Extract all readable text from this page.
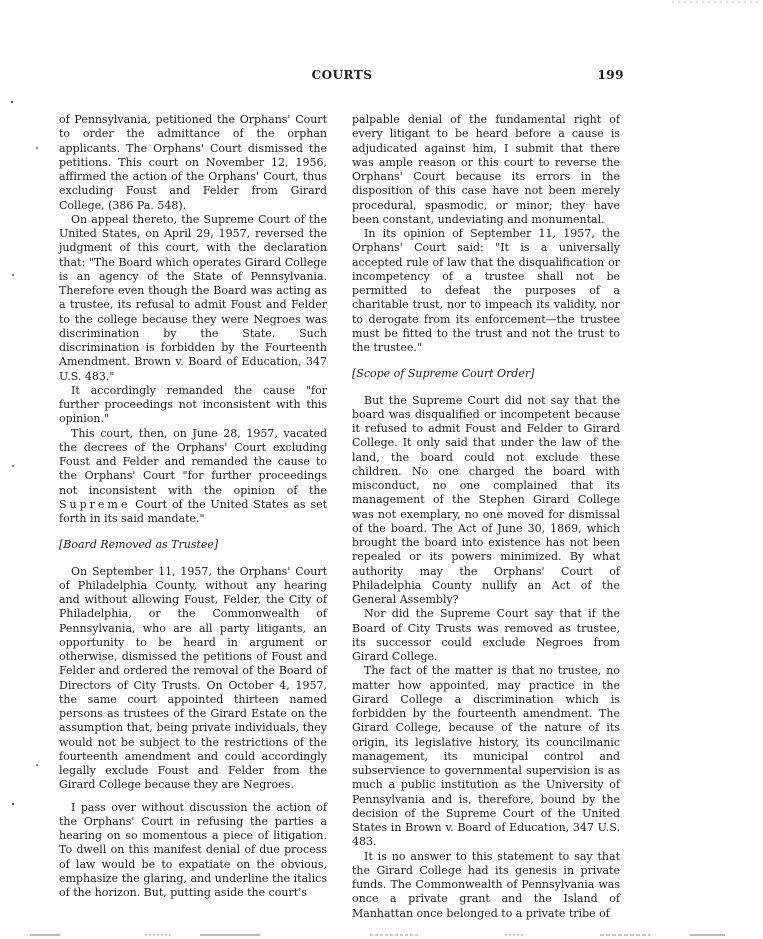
COURTS	199

of Pennsylvania, petitioned the Orphans' Court to order the admittance of the orphan applicants. The Orphans' Court dismissed the petitions. This court on November 12, 1956, affirmed the action of the Orphans' Court, thus excluding Foust and Felder from Girard College, (386 Pa. 548).

On appeal thereto, the Supreme Court of the United States, on April 29, 1957, reversed the judgment of this court, with the declaration that: "The Board which operates Girard College is an agency of the State of Pennsylvania. Therefore even though the Board was acting as a trustee, its refusal to admit Foust and Felder to the college because they were Negroes was discrimination by the State. Such discrimination is forbidden by the Fourteenth Amendment. Brown v. Board of Education, 347 U.S. 483."

It accordingly remanded the cause "for further proceedings not inconsistent with this opinion."

This court, then, on June 28, 1957, vacated the decrees of the Orphans' Court excluding Foust and Felder and remanded the cause to the Orphans' Court "for further proceedings not inconsistent with the opinion of the Supreme Court of the United States as set forth in its said mandate."

[Board Removed as Trustee]

On September 11, 1957, the Orphans' Court of Philadelphia County, without any hearing and without allowing Foust, Felder, the City of Philadelphia, or the Commonwealth of Pennsylvania, who are all party litigants, an opportunity to be heard in argument or otherwise, dismissed the petitions of Foust and Felder and ordered the removal of the Board of Directors of City Trusts. On October 4, 1957, the same court appointed thirteen named persons as trustees of the Girard Estate on the assumption that, being private individuals, they would not be subject to the restrictions of the fourteenth amendment and could accordingly legally exclude Foust and Felder from the Girard College because they are Negroes.

I pass over without discussion the action of the Orphans' Court in refusing the parties a hearing on so momentous a piece of litigation. To dwell on this manifest denial of due process of law would be to expatiate on the obvious, emphasize the glaring, and underline the italics of the horizon. But, putting aside the court's

palpable denial of the fundamental right of every litigant to be heard before a cause is adjudicated against him, I submit that there was ample reason or this court to reverse the Orphans' Court because its errors in the disposition of this case have not been merely procedural, spasmodic, or minor; they have been constant, undeviating and monumental.

In its opinion of September 11, 1957, the Orphans' Court said: "It is a universally accepted rule of law that the disqualification or incompetency of a trustee shall not be permitted to defeat the purposes of a charitable trust, nor to impeach its validity, nor to derogate from its enforcement—the trustee must be fitted to the trust and not the trust to the trustee."

[Scope of Supreme Court Order]

But the Supreme Court did not say that the board was disqualified or incompetent because it refused to admit Foust and Felder to Girard College. It only said that under the law of the land, the board could not exclude these children. No one charged the board with misconduct, no one complained that its management of the Stephen Girard College was not exemplary, no one moved for dismissal of the board. The Act of June 30, 1869, which brought the board into existence has not been repealed or its powers minimized. By what authority may the Orphans' Court of Philadelphia County nullify an Act of the General Assembly?

Nor did the Supreme Court say that if the Board of City Trusts was removed as trustee, its successor could exclude Negroes from Girard College.

The fact of the matter is that no trustee, no matter how appointed, may practice in the Girard College a discrimination which is forbidden by the fourteenth amendment. The Girard College, because of the nature of its origin, its legislative history, its councilmanic management, its municipal control and subservience to governmental supervision is as much a public institution as the University of Pennsylvania and is, therefore, bound by the decision of the Supreme Court of the United States in Brown v. Board of Education, 347 U.S. 483.

It is no answer to this statement to say that the Girard College had its genesis in private funds. The Commonwealth of Pennsylvania was once a private grant and the Island of Manhattan once belonged to a private tribe of
